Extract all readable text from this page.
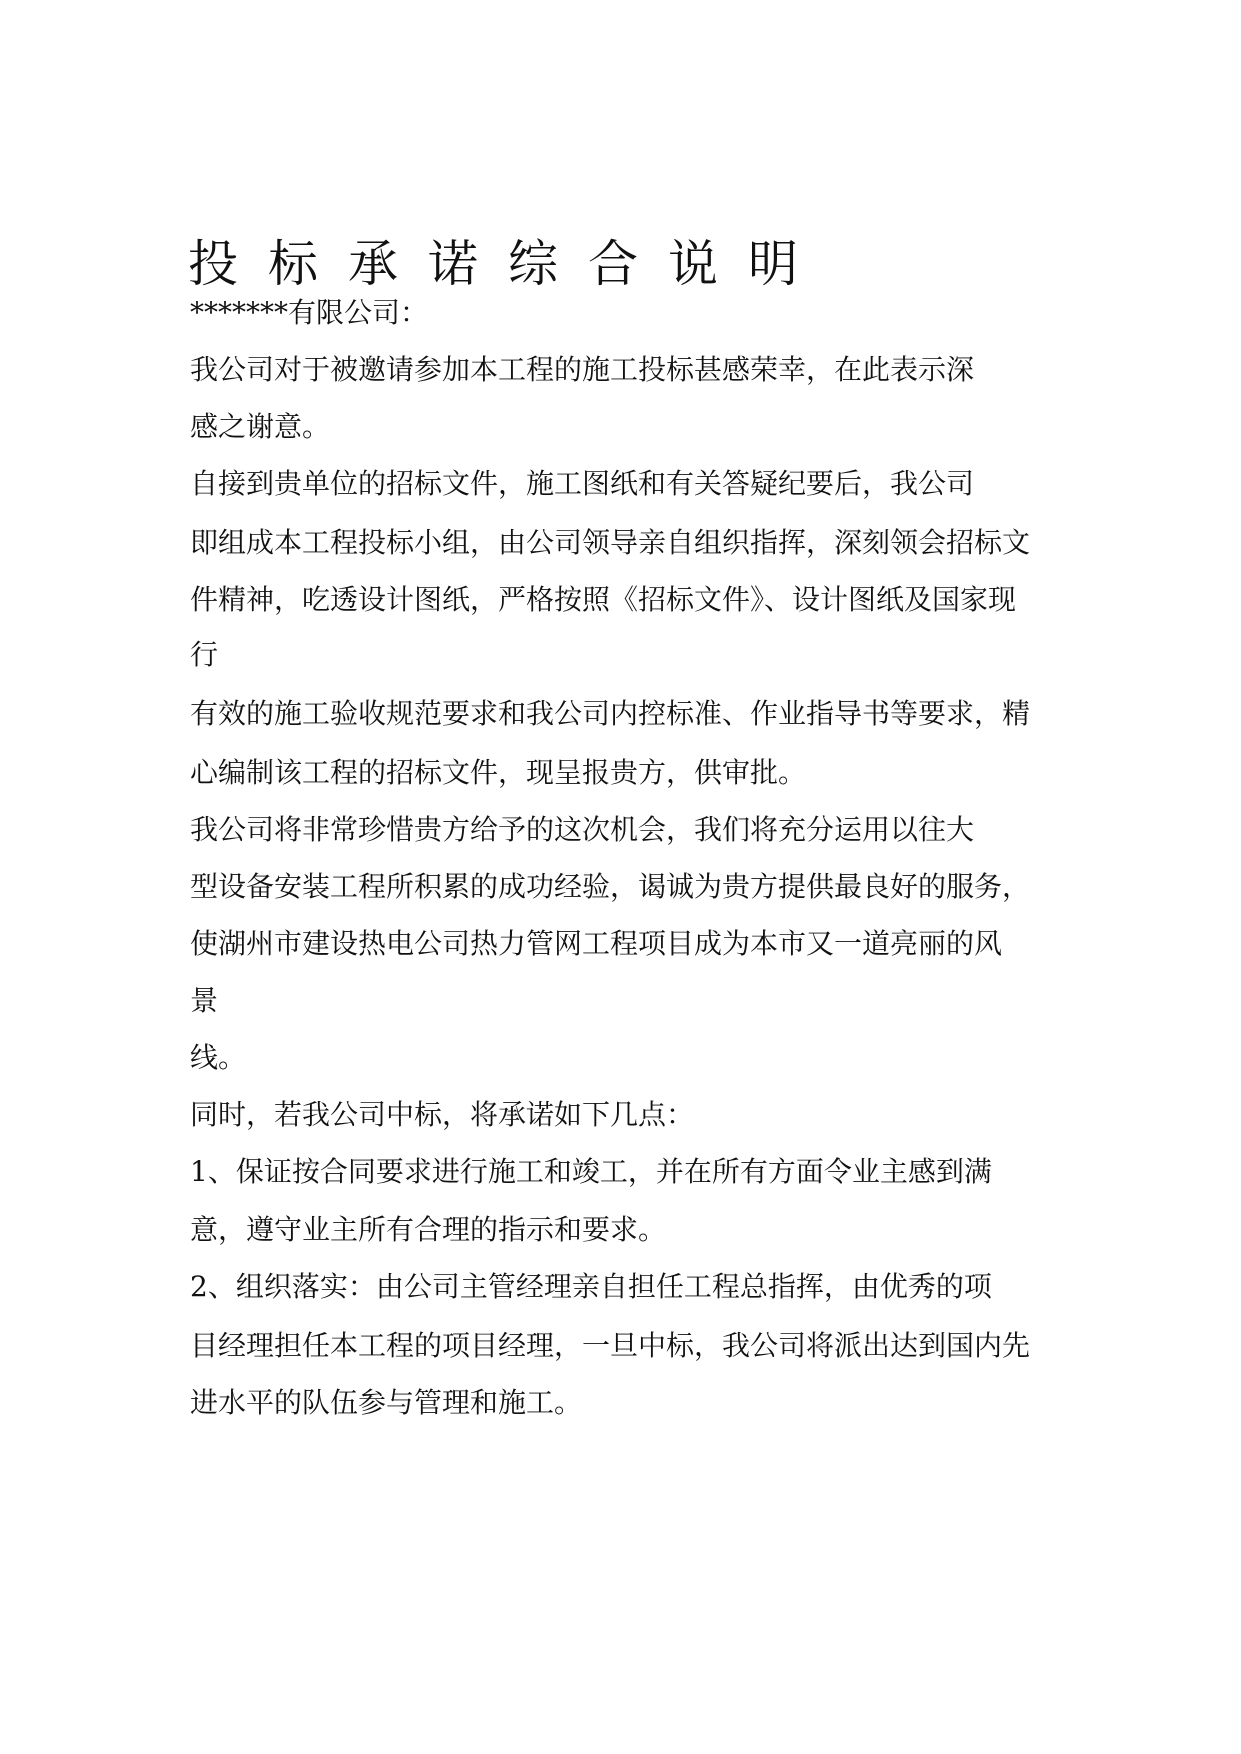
投标承诺综合说明
*******有限公司：
我公司对于被邀请参加本工程的施工投标甚感荣幸，在此表示深
感之谢意。
自接到贵单位的招标文件，施工图纸和有关答疑纪要后，我公司
即组成本工程投标小组，由公司领导亲自组织指挥，深刻领会招标文
件精神，吃透设计图纸，严格按照《招标文件》、设计图纸及国家现
行
有效的施工验收规范要求和我公司内控标准、作业指导书等要求，精
心编制该工程的招标文件，现呈报贵方，供审批。
我公司将非常珍惜贵方给予的这次机会，我们将充分运用以往大
型设备安装工程所积累的成功经验，谒诚为贵方提供最良好的服务，
使湖州市建设热电公司热力管网工程项目成为本市又一道亮丽的风
景
线。
同时，若我公司中标，将承诺如下几点：
1、保证按合同要求进行施工和竣工，并在所有方面令业主感到满
意，遵守业主所有合理的指示和要求。
2、组织落实：由公司主管经理亲自担任工程总指挥，由优秀的项
目经理担任本工程的项目经理，一旦中标，我公司将派出达到国内先
进水平的队伍参与管理和施工。
